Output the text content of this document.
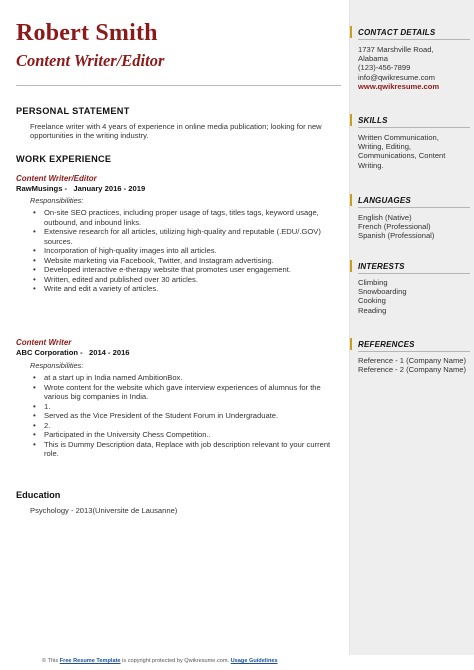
Robert Smith
Content Writer/Editor
PERSONAL STATEMENT
Freelance writer with 4 years of experience in online media publication; looking for new opportunities in the writing industry.
WORK EXPERIENCE
Content Writer/Editor
RawMusings - January 2016 - 2019
Responsibilities:
• On-site SEO practices, including proper usage of tags, titles tags, keyword usage, outbound, and inbound links.
• Extensive research for all articles, utilizing high-quality and reputable (.EDU/.GOV) sources.
• Incorporation of high-quality images into all articles.
• Website marketing via Facebook, Twitter, and Instagram advertising.
• Developed interactive e-therapy website that promotes user engagement.
• Written, edited and published over 30 articles.
• Write and edit a variety of articles.
Content Writer
ABC Corporation - 2014 - 2016
Responsibilities:
• at a start up in India named AmbitionBox.
• Wrote content for the website which gave interview experiences of alumnus for the various big companies in India.
• 1.
• Served as the Vice President of the Student Forum in Undergraduate.
• 2.
• Participated in the University Chess Competition..
• This is Dummy Description data, Replace with job description relevant to your current role.
Education
Psychology - 2013(Universite de Lausanne)
CONTACT DETAILS
1737 Marshville Road,
Alabama
(123)-456-7899
info@qwikresume.com
www.qwikresume.com
SKILLS
Written Communication, Writing, Editing, Communications, Content Writing.
LANGUAGES
English (Native)
French (Professional)
Spanish (Professional)
INTERESTS
Climbing
Snowboarding
Cooking
Reading
REFERENCES
Reference - 1 (Company Name)
Reference - 2 (Company Name)
© This Free Resume Template is copyright protected by Qwikresume.com. Usage Guidelines
